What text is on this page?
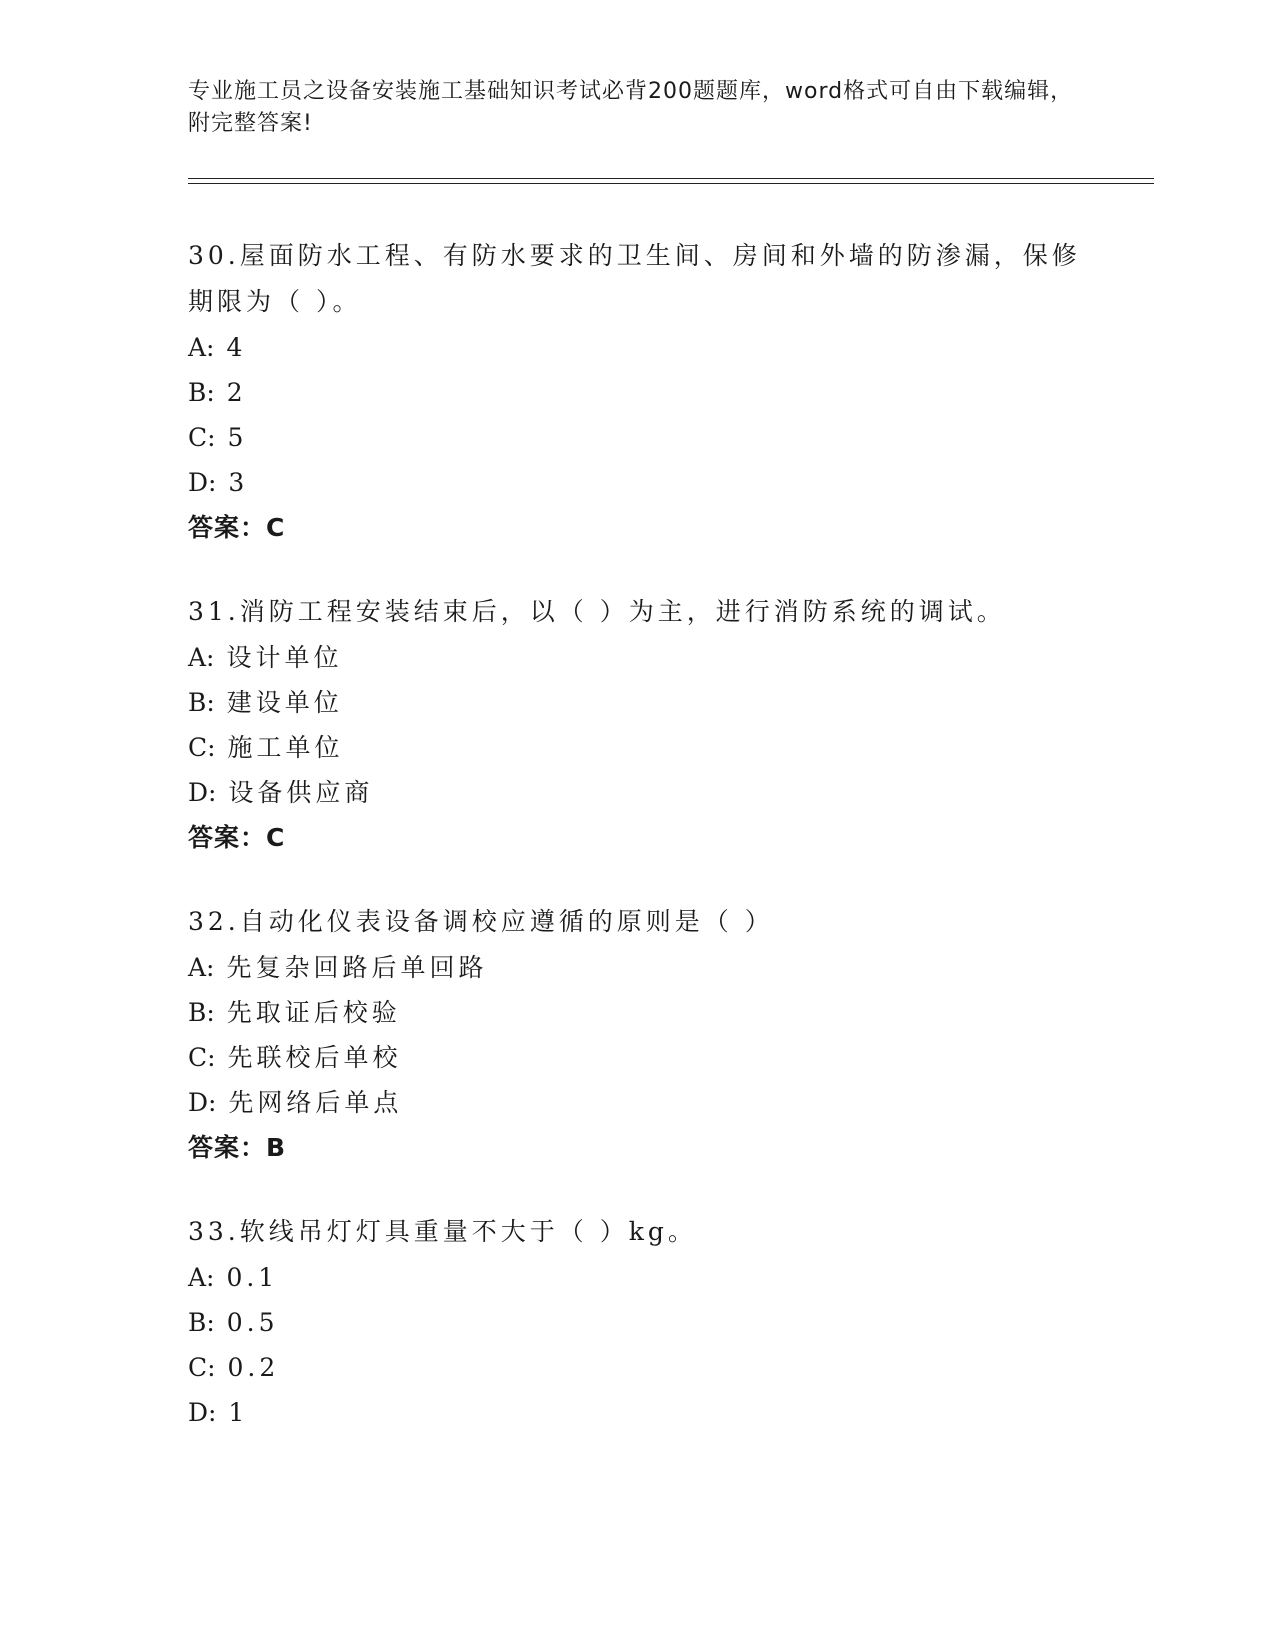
专业施工员之设备安装施工基础知识考试必背200题题库，word格式可自由下载编辑，附完整答案!

30.屋面防水工程、有防水要求的卫生间、房间和外墙的防渗漏，保修期限为（ ）。

A: 4

B: 2

C: 5

D: 3

答案：C

31.消防工程安装结束后，以（ ）为主，进行消防系统的调试。

A: 设计单位

B: 建设单位

C: 施工单位

D: 设备供应商

答案：C

32.自动化仪表设备调校应遵循的原则是（ ）

A: 先复杂回路后单回路

B: 先取证后校验

C: 先联校后单校

D: 先网络后单点

答案：B

33.软线吊灯灯具重量不大于（ ）kg。

A: 0.1

B: 0.5

C: 0.2

D: 1
